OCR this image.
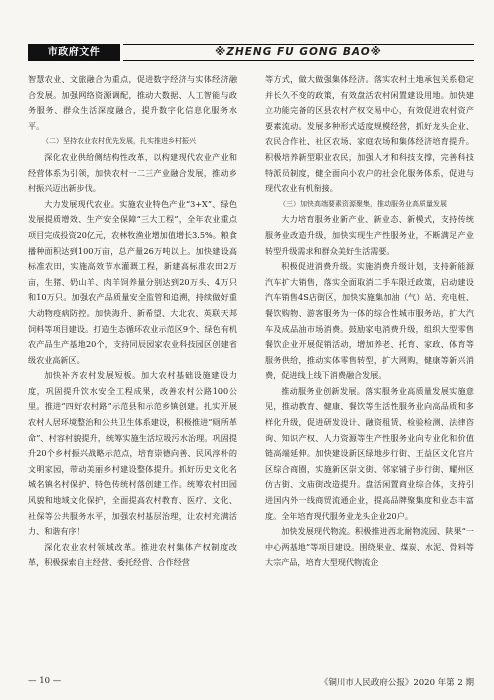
市政府文件	※ZHENG FU GONG BAO※

智慧农业、文旅融合为重点，促进数字经济与实体经济融合发展。加强网络资源调配，推动大数据、人工智能与政务服务、群众生活深度融合，提升数字化信息化服务水平。

（二）坚持农业农村优先发展，扎实推进乡村振兴

深化农业供给侧结构性改革，以构建现代农业产业和经营体系为引领，加快农村一二三产业融合发展，推动乡村振兴迈出新步伐。

大力发展现代农业。实施农业特色产业“3+X”、绿色发展提质增效、生产安全保障“三大工程”，全年农业重点项目完成投资20亿元，农林牧渔业增加值增长3.5%。粮食播种面积达到100万亩，总产量26万吨以上。加快建设高标准农田，实施高效节水灌溉工程，新建高标准农田2万亩，生猪、奶山羊、肉羊饲养量分别达到20万头、4万只和10万只。加强农产品质量安全监管和追溯，持续做好重大动物疫病防控。加快海升、新希望、大北农、英联天邦饲料等项目建设。打造生态循环农业示范区9个、绿色有机农产品生产基地20个，支持同辰园家农业科技园区创建省级农业高新区。

加快补齐农村发展短板。加大农村基础设施建设力度，巩固提升饮水安全工程成果，改善农村公路100公里。推进“四好农村路”示范县和示范乡镇创建。扎实开展农村人居环境整治和公共卫生体系建设，积极推进“厕所革命”、村容村貌提升，统筹实施生活垃圾污水治理。巩固提升20个乡村振兴战略示范点，培育崇德向善、民风淳朴的文明家园，带动美丽乡村建设整体提升。抓好历史文化名城名镇名村保护、特色传统村落创建工作。统筹农村田园风貌和地域文化保护，全面提高农村教育、医疗、文化、社保等公共服务水平，加强农村基层治理，让农村充满活力、和谐有序！

深化农业农村领域改革。推进农村集体产权制度改革，积极探索自主经营、委托经营、合作经营

等方式，做大做强集体经济。落实农村土地承包关系稳定并长久不变的政策，有效盘活农村闲置建设用地。加快建立功能完备的区县农村产权交易中心，有效促进农村资产要素流动。发展多种形式适度规模经营，抓好龙头企业、农民合作社、社区农场、家庭农场和集体经济培育提升。积极培养新型职业农民，加强人才和科技支撑，完善科技特派员制度，健全面向小农户的社会化服务体系，促进与现代农业有机衔接。

（三）加快高端要素资源聚集，推动服务业高质量发展

大力培育服务业新产业、新业态、新模式，支持传统服务业改造升级，加快实现生产性服务业，不断满足产业转型升级需求和群众美好生活需要。

积极促进消费升级。实施消费升级计划，支持新能源汽车扩大销售，落实全面取消二手车限迁政策，启动建设汽车销售4S店街区，加快实施集加油（气）站、充电桩、餐饮购物、游客服务为一体的综合性城市服务站，扩大汽车及成品油市场消费。鼓励家电消费升级，组织大型零售餐饮企业开展促销活动，增加养老、托育、家政、体育等服务供给，推动实体零售转型，扩大网购，健康等新兴消费，促进线上线下消费融合发展。

推动服务业创新发展。落实服务业高质量发展实施意见，推动教育、健康、餐饮等生活性服务业向高品质和多样化升级，促进研发设计、融资租赁、检验检测、法律咨询、知识产权、人力资源等生产性服务业向专业化和价值链高端延伸。加快建设新区绿地步行街、王益区文化宫片区综合商圈，实施新区崇文街、邻家铺子步行街、耀州区仿古街、文庙街改造提升。盘活闲置商业综合体，支持引进国内外一线商贸流通企业，提高品牌聚集度和业态丰富度。全年培育现代服务业龙头企业20户。

加快发展现代物流。积极推进西北耐物流园、陕果“一中心两基地”等项目建设。围绕果业、煤炭、水泥、骨料等大宗产品，培育大型现代物流企

— 10 —	《铜川市人民政府公报》2020 年第 2 期
